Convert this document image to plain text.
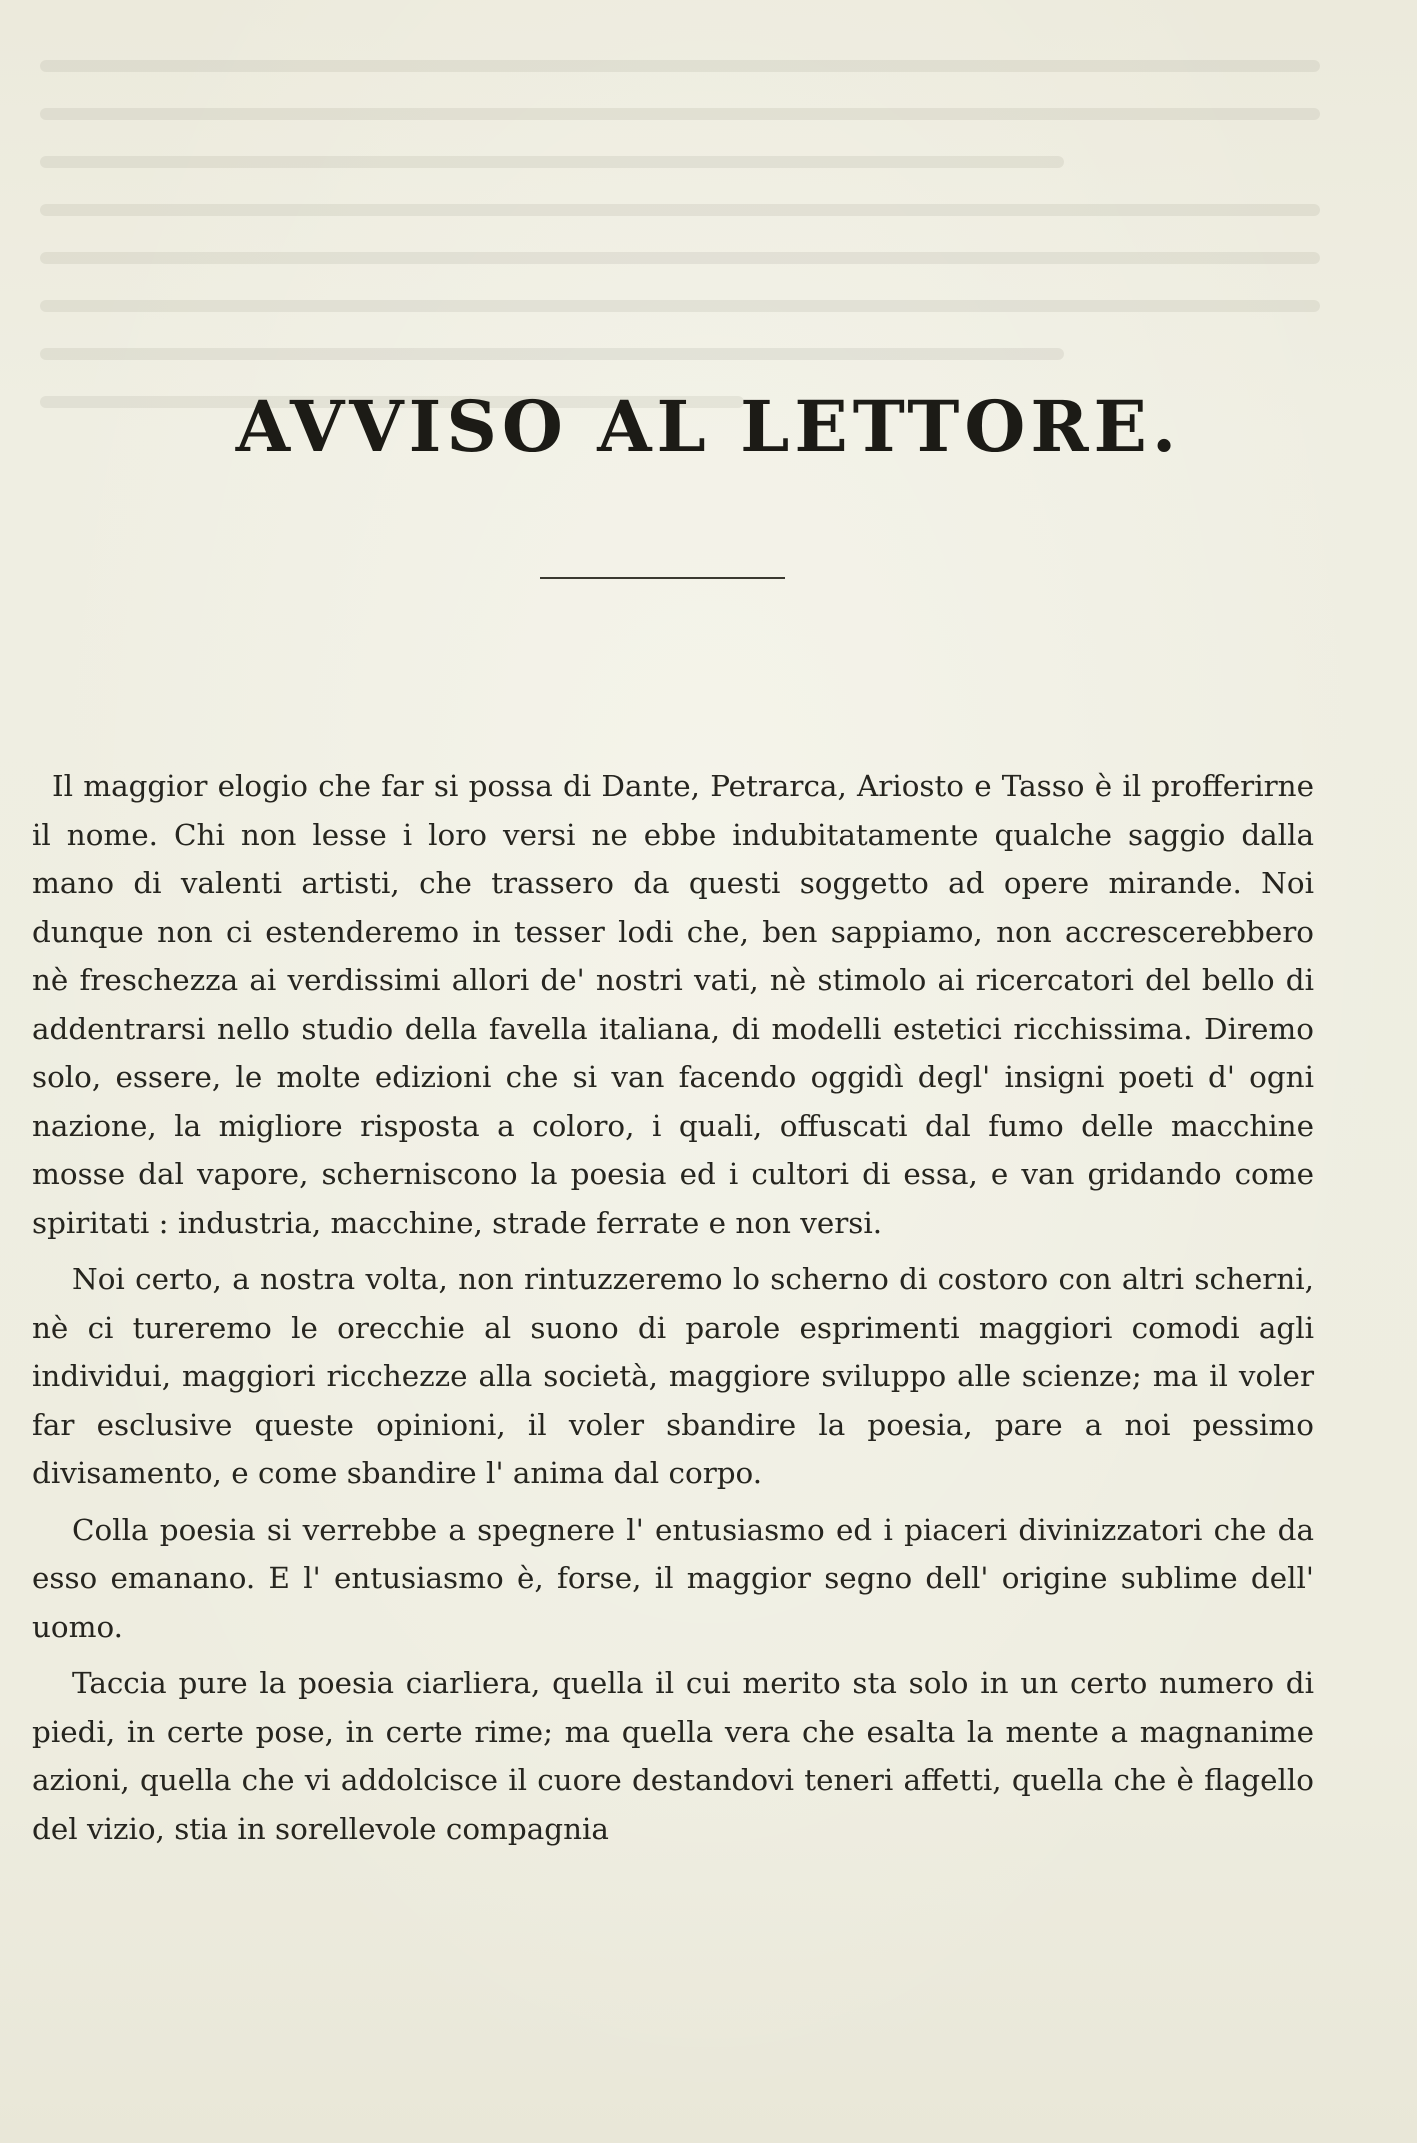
AVVISO AL LETTORE.

Il maggior elogio che far si possa di Dante, Petrarca, Ariosto e Tasso è il profferirne il nome. Chi non lesse i loro versi ne ebbe indubitatamente qualche saggio dalla mano di valenti artisti, che trassero da questi soggetto ad opere mirande. Noi dunque non ci estenderemo in tesser lodi che, ben sappiamo, non accrescerebbero nè freschezza ai verdissimi allori de' nostri vati, nè stimolo ai ricercatori del bello di addentrarsi nello studio della favella italiana, di modelli estetici ricchissima. Diremo solo, essere, le molte edizioni che si van facendo oggidì degl' insigni poeti d' ogni nazione, la migliore risposta a coloro, i quali, offuscati dal fumo delle macchine mosse dal vapore, scherniscono la poesia ed i cultori di essa, e van gridando come spiritati : industria, macchine, strade ferrate e non versi.

Noi certo, a nostra volta, non rintuzzeremo lo scherno di costoro con altri scherni, nè ci tureremo le orecchie al suono di parole esprimenti maggiori comodi agli individui, maggiori ricchezze alla società, maggiore sviluppo alle scienze; ma il voler far esclusive queste opinioni, il voler sbandire la poesia, pare a noi pessimo divisamento, e come sbandire l' anima dal corpo.

Colla poesia si verrebbe a spegnere l' entusiasmo ed i piaceri divinizzatori che da esso emanano. E l' entusiasmo è, forse, il maggior segno dell' origine sublime dell' uomo.

Taccia pure la poesia ciarliera, quella il cui merito sta solo in un certo numero di piedi, in certe pose, in certe rime; ma quella vera che esalta la mente a magnanime azioni, quella che vi addolcisce il cuore destandovi teneri affetti, quella che è flagello del vizio, stia in sorellevole compagnia
